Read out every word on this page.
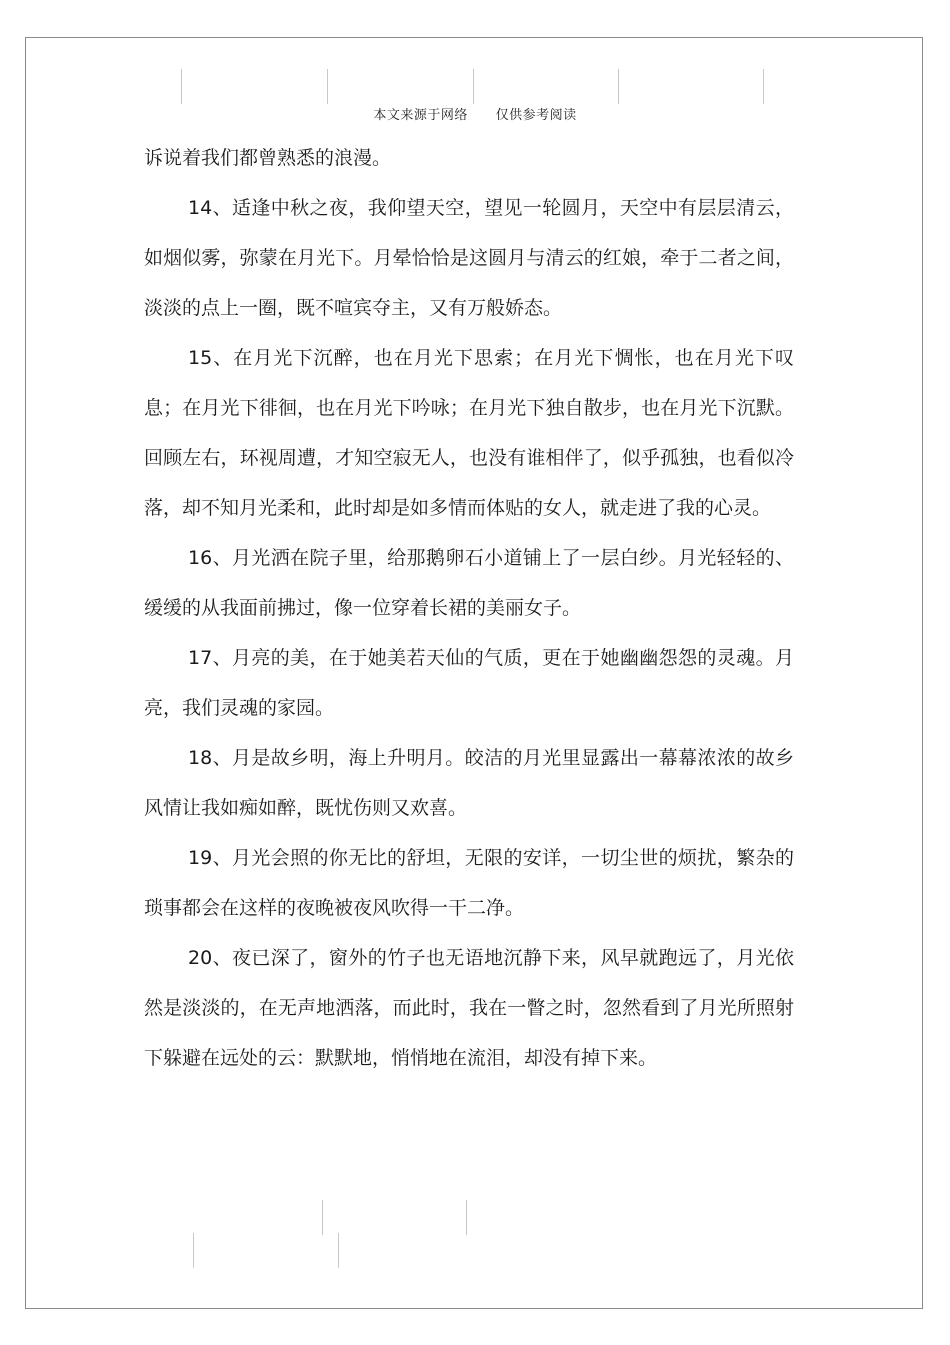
本文来源于网络      仅供参考阅读

诉说着我们都曾熟悉的浪漫。

14、适逢中秋之夜，我仰望天空，望见一轮圆月，天空中有层层清云，如烟似雾，弥蒙在月光下。月晕恰恰是这圆月与清云的红娘，牵于二者之间，淡淡的点上一圈，既不喧宾夺主，又有万般娇态。

15、在月光下沉醉，也在月光下思索；在月光下惆怅，也在月光下叹息；在月光下徘徊，也在月光下吟咏；在月光下独自散步，也在月光下沉默。回顾左右，环视周遭，才知空寂无人，也没有谁相伴了，似乎孤独，也看似冷落，却不知月光柔和，此时却是如多情而体贴的女人，就走进了我的心灵。

16、月光洒在院子里，给那鹅卵石小道铺上了一层白纱。月光轻轻的、缓缓的从我面前拂过，像一位穿着长裙的美丽女子。

17、月亮的美，在于她美若天仙的气质，更在于她幽幽怨怨的灵魂。月亮，我们灵魂的家园。

18、月是故乡明，海上升明月。皎洁的月光里显露出一幕幕浓浓的故乡风情让我如痴如醉，既忧伤则又欢喜。

19、月光会照的你无比的舒坦，无限的安详，一切尘世的烦扰，繁杂的琐事都会在这样的夜晚被夜风吹得一干二净。

20、夜已深了，窗外的竹子也无语地沉静下来，风早就跑远了，月光依然是淡淡的，在无声地洒落，而此时，我在一瞥之时，忽然看到了月光所照射下躲避在远处的云：默默地，悄悄地在流泪，却没有掉下来。
